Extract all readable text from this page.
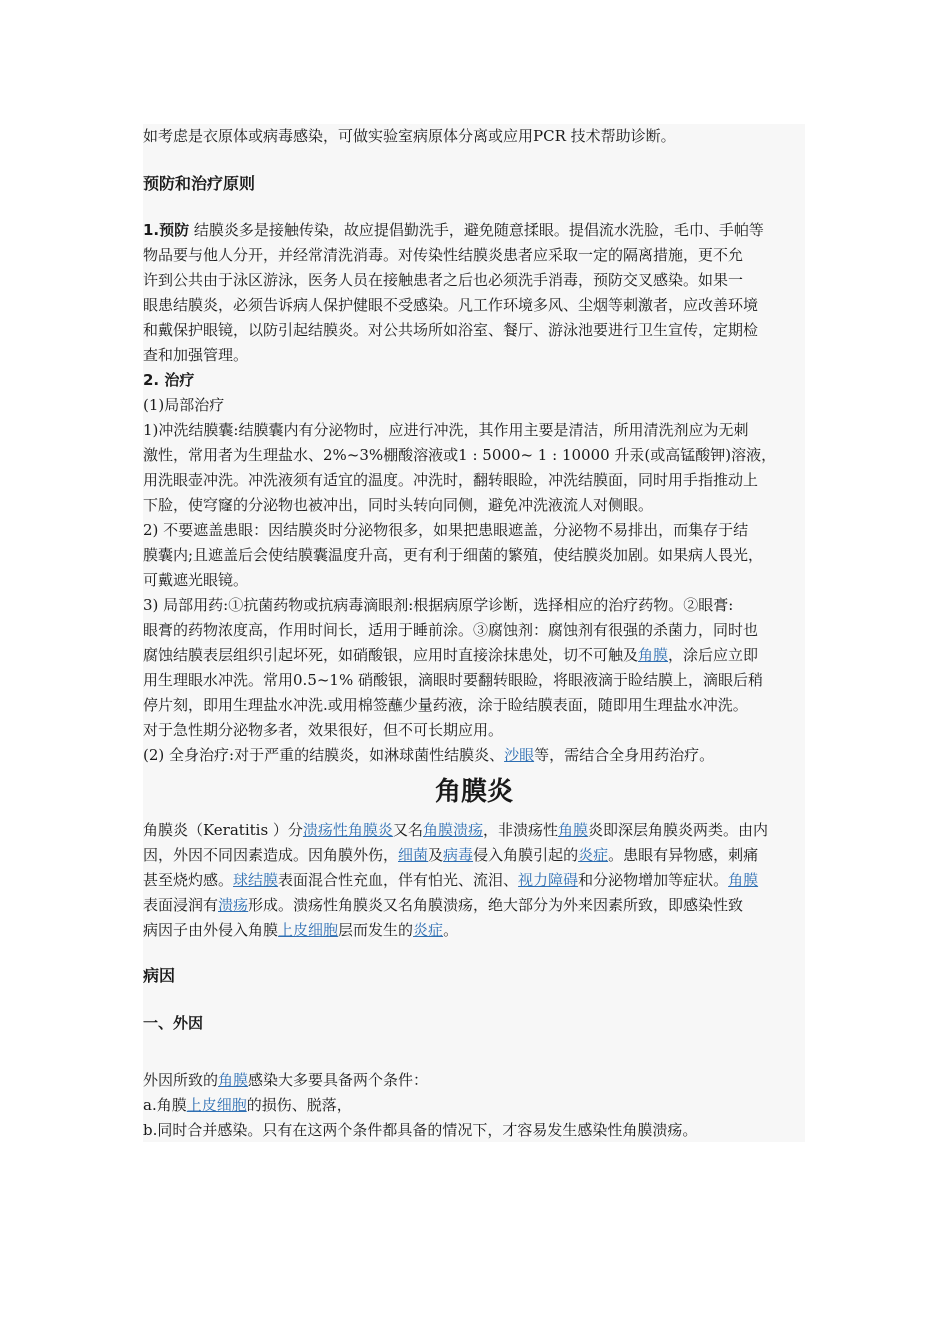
如考虑是衣原体或病毒感染，可做实验室病原体分离或应用PCR 技术帮助诊断。
预防和治疗原则
1.预防 结膜炎多是接触传染，故应提倡勤洗手，避免随意揉眼。提倡流水洗脸，毛巾、手帕等
物品要与他人分开，并经常清洗消毒。对传染性结膜炎患者应采取一定的隔离措施，更不允
许到公共由于泳区游泳，医务人员在接触患者之后也必须洗手消毒，预防交叉感染。如果一
眼患结膜炎，必须告诉病人保护健眼不受感染。凡工作环境多风、尘烟等刺激者，应改善环境
和戴保护眼镜，以防引起结膜炎。对公共场所如浴室、餐厅、游泳池要进行卫生宣传，定期检
查和加强管理。
2. 治疗
(1)局部治疗
1)冲洗结膜囊:结膜囊内有分泌物时，应进行冲洗，其作用主要是清洁，所用清洗剂应为无刺
激性，常用者为生理盐水、2%~3%棚酸溶液或1 : 5000~ 1 : 10000 升汞(或高锰酸钾)溶液，
用洗眼壶冲洗。冲洗液须有适宜的温度。冲洗时，翻转眼睑，冲洗结膜面，同时用手指推动上
下脸，使穹窿的分泌物也被冲出，同时头转向同侧，避免冲洗液流人对侧眼。
2) 不要遮盖患眼：因结膜炎时分泌物很多，如果把患眼遮盖，分泌物不易排出，而集存于结
膜囊内;且遮盖后会使结膜囊温度升高，更有利于细菌的繁殖，使结膜炎加剧。如果病人畏光，
可戴遮光眼镜。
3) 局部用药:①抗菌药物或抗病毒滴眼剂:根据病原学诊断，选择相应的治疗药物。②眼膏:
眼膏的药物浓度高，作用时间长，适用于睡前涂。③腐蚀剂：腐蚀剂有很强的杀菌力，同时也
腐蚀结膜表层组织引起坏死，如硝酸银，应用时直接涂抹患处，切不可触及角膜，涂后应立即
用生理眼水冲洗。常用0.5~1% 硝酸银，滴眼时要翻转眼睑，将眼液滴于睑结膜上，滴眼后稍
停片刻，即用生理盐水冲洗.或用棉签蘸少量药液，涂于睑结膜表面，随即用生理盐水冲洗。
对于急性期分泌物多者，效果很好，但不可长期应用。
(2) 全身治疗:对于严重的结膜炎，如淋球菌性结膜炎、沙眼等，需结合全身用药治疗。
角膜炎
角膜炎（Keratitis ）分溃疡性角膜炎又名角膜溃疡，非溃疡性角膜炎即深层角膜炎两类。由内
因，外因不同因素造成。因角膜外伤，细菌及病毒侵入角膜引起的炎症。患眼有异物感，刺痛
甚至烧灼感。球结膜表面混合性充血，伴有怕光、流泪、视力障碍和分泌物增加等症状。角膜
表面浸润有溃疡形成。溃疡性角膜炎又名角膜溃疡，绝大部分为外来因素所致，即感染性致
病因子由外侵入角膜上皮细胞层而发生的炎症。
病因
一、外因
外因所致的角膜感染大多要具备两个条件：
a.角膜上皮细胞的损伤、脱落，
b.同时合并感染。只有在这两个条件都具备的情况下，才容易发生感染性角膜溃疡。
